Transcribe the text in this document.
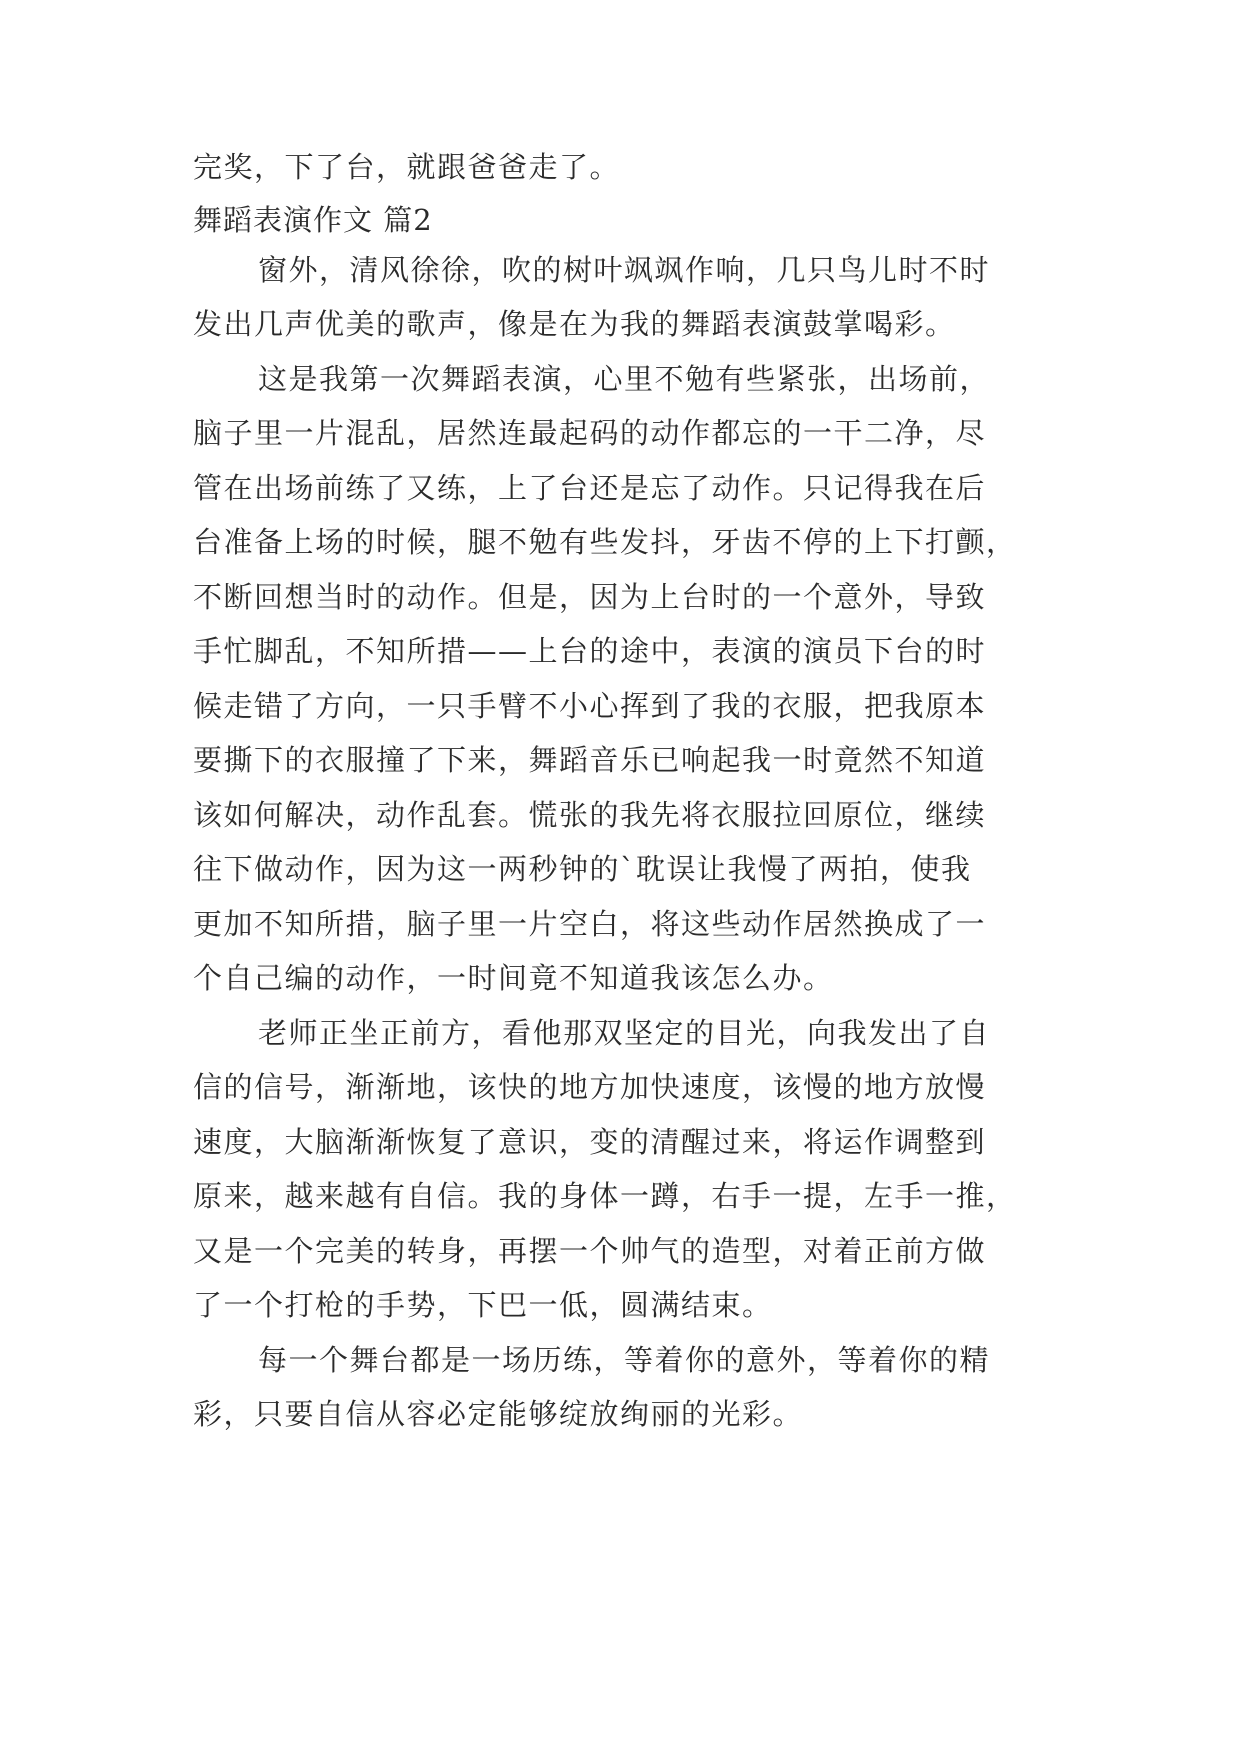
完奖，下了台，就跟爸爸走了。

舞蹈表演作文 篇2

窗外，清风徐徐，吹的树叶飒飒作响，几只鸟儿时不时

发出几声优美的歌声，像是在为我的舞蹈表演鼓掌喝彩。

这是我第一次舞蹈表演，心里不勉有些紧张，出场前，

脑子里一片混乱，居然连最起码的动作都忘的一干二净，尽

管在出场前练了又练，上了台还是忘了动作。只记得我在后

台准备上场的时候，腿不勉有些发抖，牙齿不停的上下打颤，

不断回想当时的动作。但是，因为上台时的一个意外，导致

手忙脚乱，不知所措——上台的途中，表演的演员下台的时

候走错了方向，一只手臂不小心挥到了我的衣服，把我原本

要撕下的衣服撞了下来，舞蹈音乐已响起我一时竟然不知道

该如何解决，动作乱套。慌张的我先将衣服拉回原位，继续

往下做动作，因为这一两秒钟的`耽误让我慢了两拍，使我

更加不知所措，脑子里一片空白，将这些动作居然换成了一

个自己编的动作，一时间竟不知道我该怎么办。

老师正坐正前方，看他那双坚定的目光，向我发出了自

信的信号，渐渐地，该快的地方加快速度，该慢的地方放慢

速度，大脑渐渐恢复了意识，变的清醒过来，将运作调整到

原来，越来越有自信。我的身体一蹲，右手一提，左手一推，

又是一个完美的转身，再摆一个帅气的造型，对着正前方做

了一个打枪的手势，下巴一低，圆满结束。

每一个舞台都是一场历练，等着你的意外，等着你的精

彩，只要自信从容必定能够绽放绚丽的光彩。
